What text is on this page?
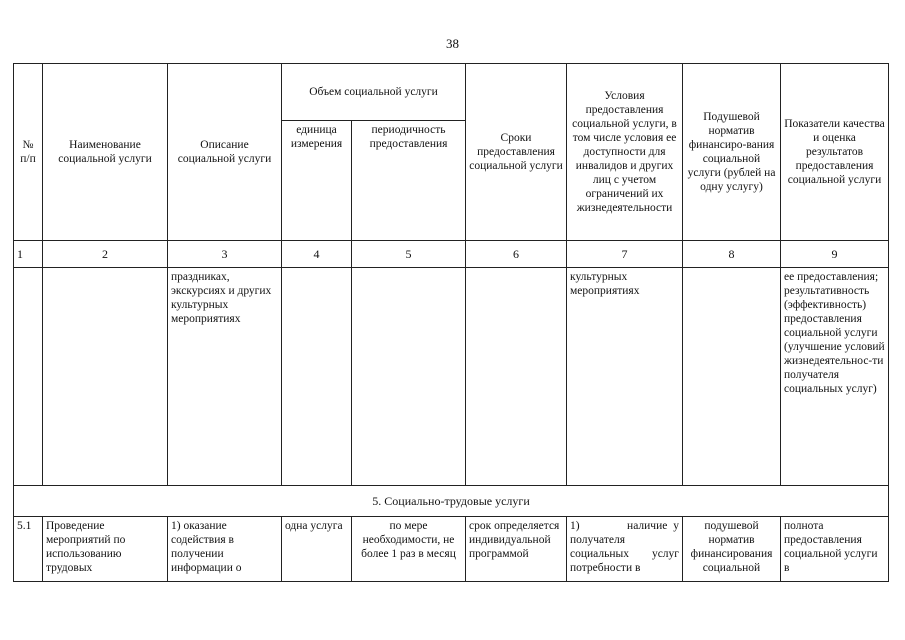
38
№ п/п	Наименование социальной услуги	Описание социальной услуги	Объем социальной услуги		Сроки предоставления социальной услуги	Условия предоставления социальной услуги, в том числе условия ее доступности для инвалидов и других лиц с учетом ограничений их жизнедеятельности	Подушевой норматив финансиро-вания социальной услуги (рублей на одну услугу)	Показатели качества и оценка результатов предоставления социальной услуги
			единица измерения	периодичность предоставления				
1	2	3	4	5	6	7	8	9
		праздниках, экскурсиях и других культурных мероприятиях				культурных мероприятиях		ее предоставления; результативность (эффективность) предоставления социальной услуги (улучшение условий жизнедеятельнос-ти получателя социальных услуг)
5. Социально-трудовые услуги								
5.1	Проведение мероприятий по использованию трудовых	1) оказание содействия в получении информации о	одна услуга	по мере необходимости, не более 1 раз в месяц	срок определяется индивидуальной программой	1)        наличие у получателя социальных услуг потребности в	подушевой норматив финансирования социальной	полнота предоставления социальной услуги в
